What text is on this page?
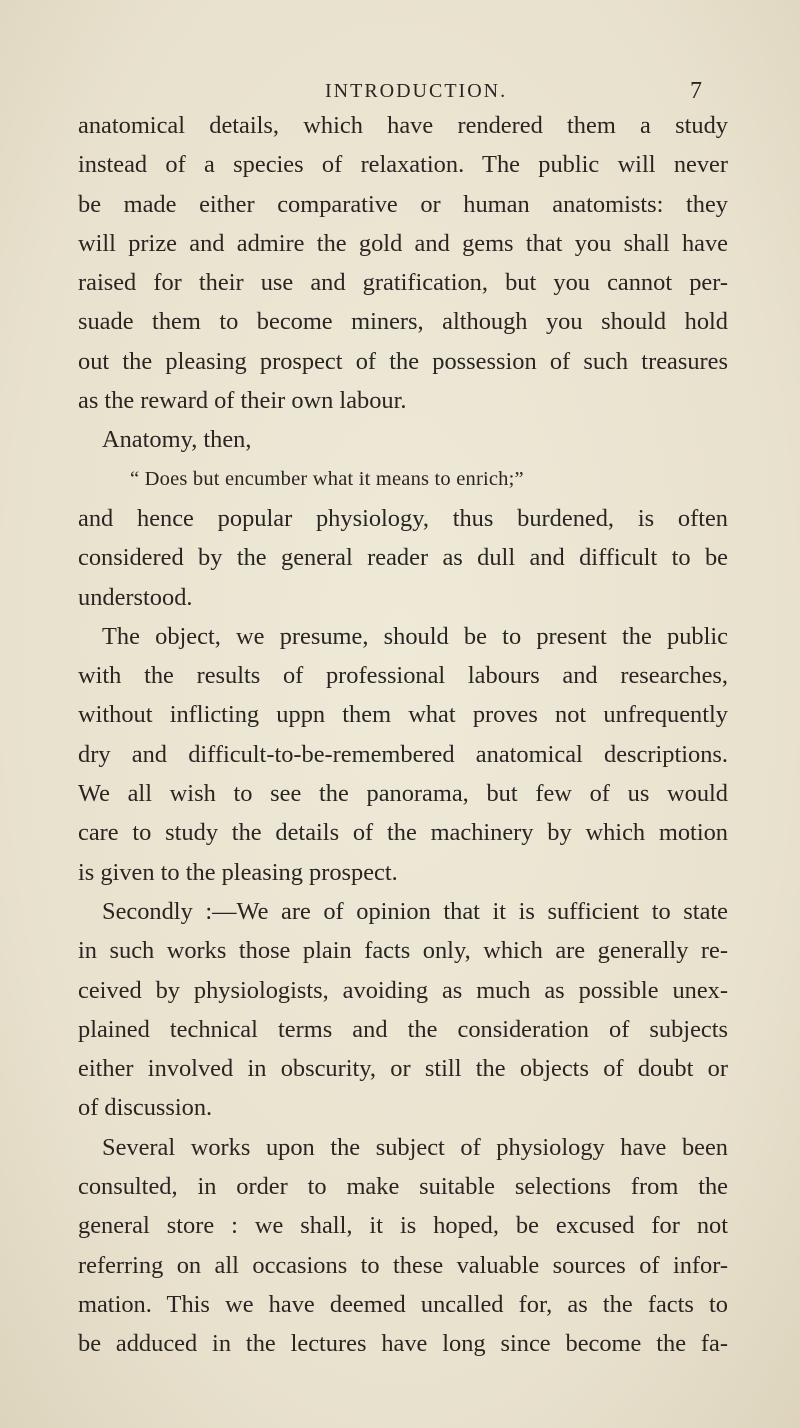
INTRODUCTION.	7
anatomical details, which have rendered them a study
instead of a species of relaxation. The public will never
be made either comparative or human anatomists: they
will prize and admire the gold and gems that you shall have
raised for their use and gratification, but you cannot per-
suade them to become miners, although you should hold
out the pleasing prospect of the possession of such treasures
as the reward of their own labour.
Anatomy, then,
“ Does but encumber what it means to enrich;”
and hence popular physiology, thus burdened, is often
considered by the general reader as dull and difficult to be
understood.
The object, we presume, should be to present the public
with the results of professional labours and researches,
without inflicting uppn them what proves not unfrequently
dry and difficult-to-be-remembered anatomical descriptions.
We all wish to see the panorama, but few of us would
care to study the details of the machinery by which motion
is given to the pleasing prospect.
Secondly :—We are of opinion that it is sufficient to state
in such works those plain facts only, which are generally re-
ceived by physiologists, avoiding as much as possible unex-
plained technical terms and the consideration of subjects
either involved in obscurity, or still the objects of doubt or
of discussion.
Several works upon the subject of physiology have been
consulted, in order to make suitable selections from the
general store : we shall, it is hoped, be excused for not
referring on all occasions to these valuable sources of infor-
mation. This we have deemed uncalled for, as the facts to
be adduced in the lectures have long since become the fa-
